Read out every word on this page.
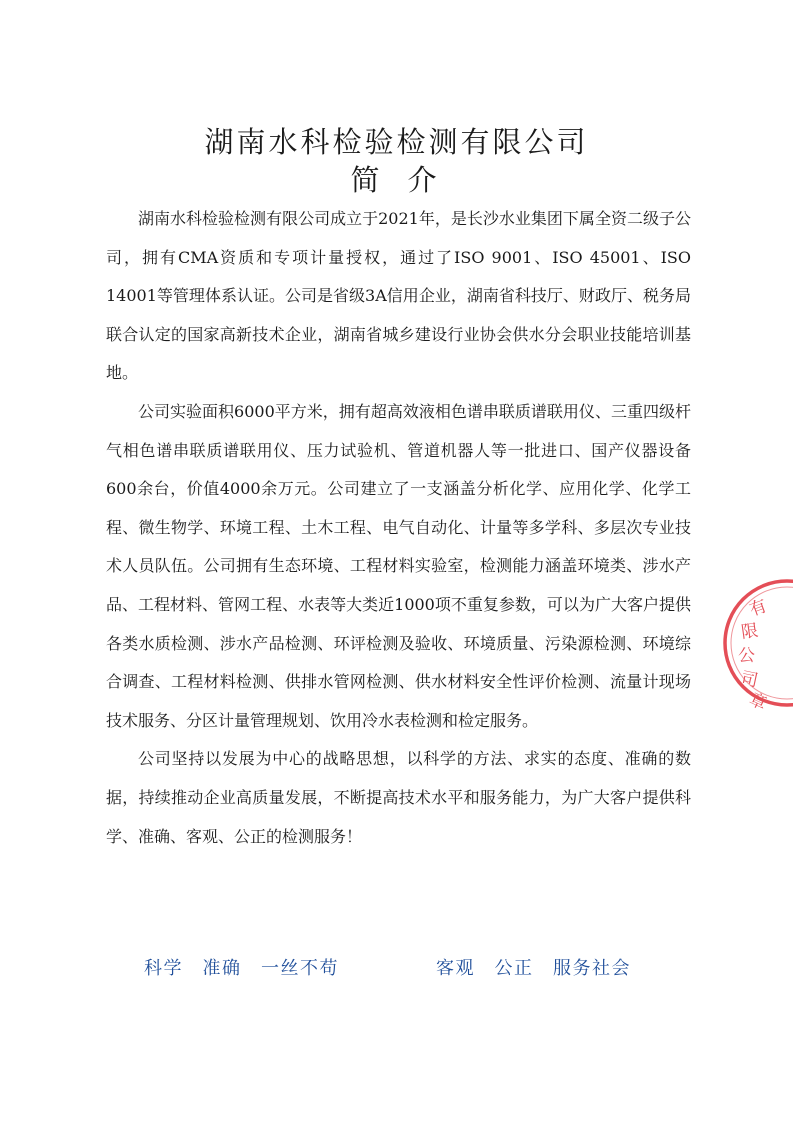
湖南水科检验检测有限公司
简介

湖南水科检验检测有限公司成立于2021年，是长沙水业集团下属全资二级子公司，拥有CMA资质和专项计量授权，通过了ISO 9001、ISO 45001、ISO 14001等管理体系认证。公司是省级3A信用企业，湖南省科技厅、财政厅、税务局联合认定的国家高新技术企业，湖南省城乡建设行业协会供水分会职业技能培训基地。

公司实验面积6000平方米，拥有超高效液相色谱串联质谱联用仪、三重四级杆气相色谱串联质谱联用仪、压力试验机、管道机器人等一批进口、国产仪器设备600余台，价值4000余万元。公司建立了一支涵盖分析化学、应用化学、化学工程、微生物学、环境工程、土木工程、电气自动化、计量等多学科、多层次专业技术人员队伍。公司拥有生态环境、工程材料实验室，检测能力涵盖环境类、涉水产品、工程材料、管网工程、水表等大类近1000项不重复参数，可以为广大客户提供各类水质检测、涉水产品检测、环评检测及验收、环境质量、污染源检测、环境综合调查、工程材料检测、供排水管网检测、供水材料安全性评价检测、流量计现场技术服务、分区计量管理规划、饮用冷水表检测和检定服务。

公司坚持以发展为中心的战略思想，以科学的方法、求实的态度、准确的数据，持续推动企业高质量发展，不断提高技术水平和服务能力，为广大客户提供科学、准确、客观、公正的检测服务！

科学　准确　一丝不苟	客观　公正　服务社会
有
限
公
司
章
